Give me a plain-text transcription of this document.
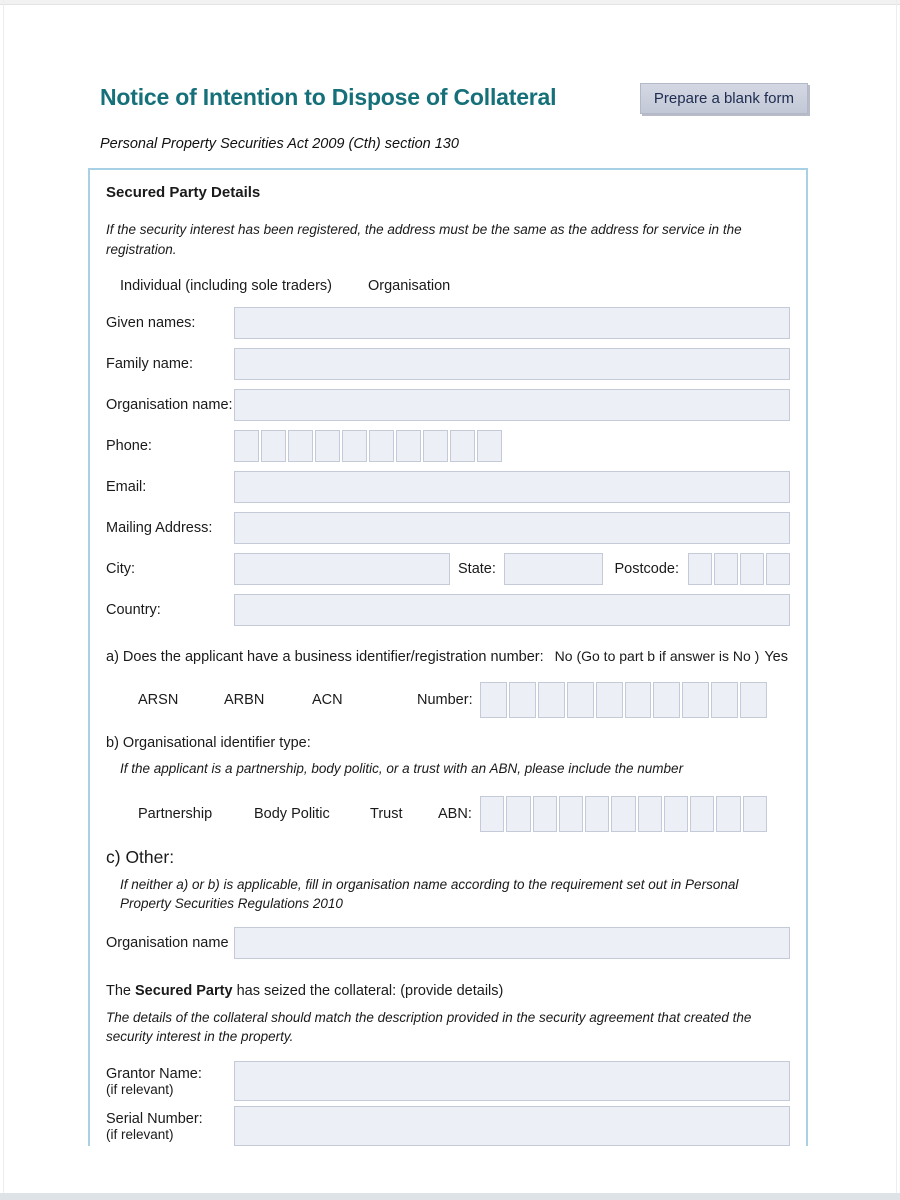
Notice of Intention to Dispose of Collateral	Prepare a blank form
Personal Property Securities Act 2009 (Cth) section 130
Secured Party Details
If the security interest has been registered, the address must be the same as the address for service in the registration.
Individual (including sole traders) Organisation
Given names:
Family name:
Organisation name:
Phone:
Email:
Mailing Address:
City:	State:	Postcode:
Country:
a) Does the applicant have a business identifier/registration number: No (Go to part b if answer is No ) Yes
ARSN	ARBN	ACN	Number:
b) Organisational identifier type:
If the applicant is a partnership, body politic, or a trust with an ABN, please include the number
Partnership	Body Politic	Trust	ABN:
c) Other:
If neither a) or b) is applicable, fill in organisation name according to the requirement set out in Personal Property Securities Regulations 2010
Organisation name
The Secured Party has seized the collateral: (provide details)
The details of the collateral should match the description provided in the security agreement that created the security interest in the property.
Grantor Name:
(if relevant)
Serial Number:
(if relevant)
